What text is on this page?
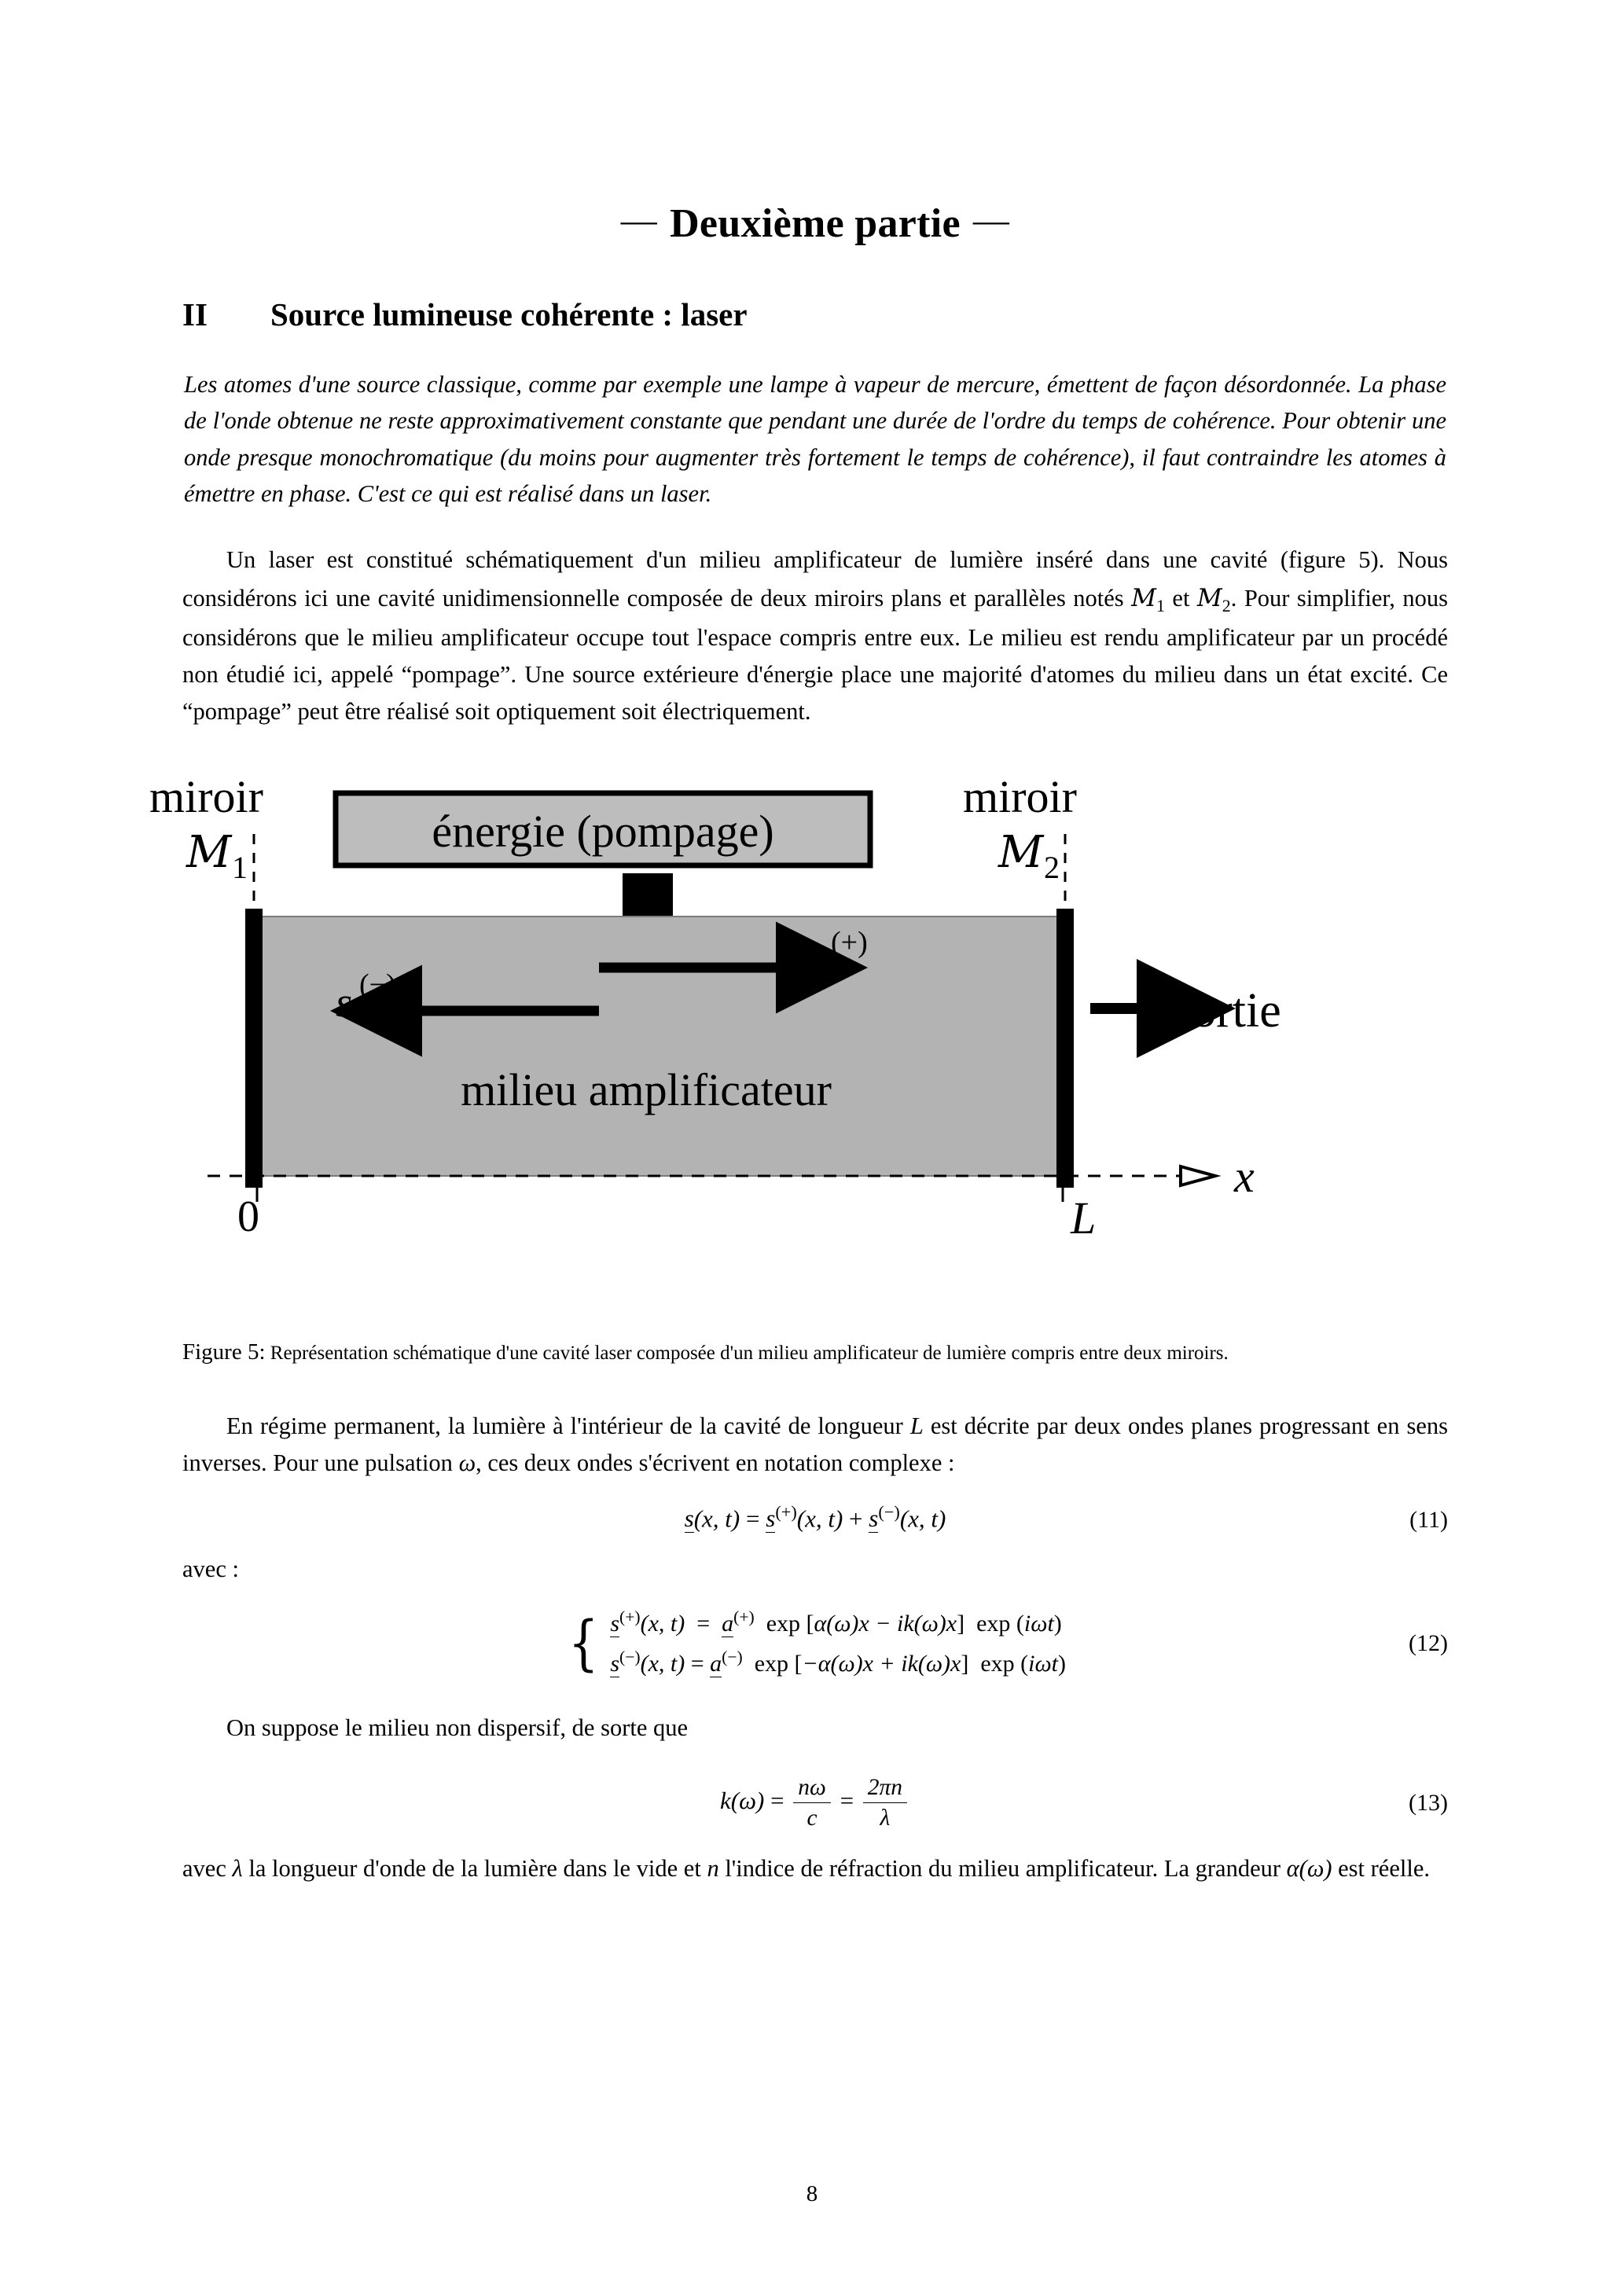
— Deuxième partie —
II	Source lumineuse cohérente : laser
Les atomes d'une source classique, comme par exemple une lampe à vapeur de mercure, émettent de façon désordonnée. La phase de l'onde obtenue ne reste approximativement constante que pendant une durée de l'ordre du temps de cohérence. Pour obtenir une onde presque monochromatique (du moins pour augmenter très fortement le temps de cohérence), il faut contraindre les atomes à émettre en phase. C'est ce qui est réalisé dans un laser.
Un laser est constitué schématiquement d'un milieu amplificateur de lumière inséré dans une cavité (figure 5). Nous considérons ici une cavité unidimensionnelle composée de deux miroirs plans et parallèles notés $M_1$ et $M_2$. Pour simplifier, nous considérons que le milieu amplificateur occupe tout l'espace compris entre eux. Le milieu est rendu amplificateur par un procédé non étudié ici, appelé “pompage”. Une source extérieure d'énergie place une majorité d'atomes du milieu dans un état excité. Ce “pompage” peut être réalisé soit optiquement soit électriquement.
énergie (pompage)
s (+)
s (−)
milieu amplificateur
sortie
x
0	L
miroir
M 1
miroir
M 2
Figure 5: Représentation schématique d'une cavité laser composée d'un milieu amplificateur de lumière compris entre deux miroirs.
En régime permanent, la lumière à l'intérieur de la cavité de longueur L est décrite par deux ondes planes progressant en sens inverses. Pour une pulsation ω, ces deux ondes s'écrivent en notation complexe :
s(x, t) = s(+)(x, t) + s(−)(x, t)	(11)
avec :
{ s(+)(x, t)  =  a(+)  exp [α(ω)x − ik(ω)x]  exp (iωt)
s(−)(x, t) = a(−)  exp [−α(ω)x + ik(ω)x]  exp (iωt)
(12)
On suppose le milieu non dispersif, de sorte que
$k(\omega) = \frac{n\omega}{c} = \frac{2\pi n}{\lambda}$	(13)
avec λ la longueur d'onde de la lumière dans le vide et n l'indice de réfraction du milieu amplificateur. La grandeur α(ω) est réelle.
8
